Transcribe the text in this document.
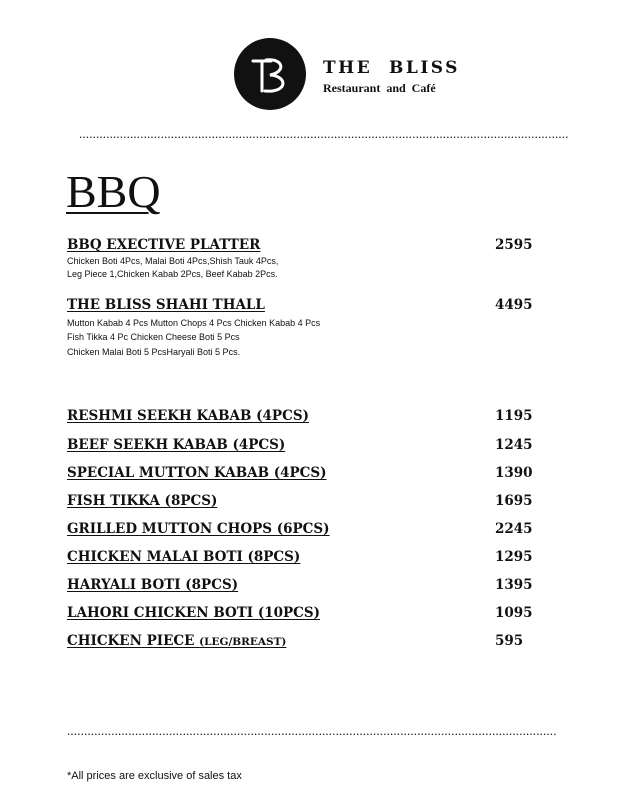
THE  BLISS
Restaurant  and  Café
................................................................................................................................................
BBQ
BBQ EXECTIVE PLATTER	2595
Chicken Boti 4Pcs, Malai Boti 4Pcs,Shish Tauk 4Pcs,
Leg Piece 1,Chicken Kabab 2Pcs, Beef Kabab 2Pcs.
THE BLISS SHAHI THALL	4495
Mutton Kabab 4 Pcs Mutton Chops 4 Pcs Chicken Kabab 4 Pcs
Fish Tikka 4 Pc Chicken Cheese Boti 5 Pcs
Chicken Malai Boti 5 PcsHaryali Boti 5 Pcs.
RESHMI SEEKH KABAB (4PCS)	1195
BEEF SEEKH KABAB (4PCS)	1245
SPECIAL MUTTON KABAB (4PCS)	1390
FISH TIKKA (8PCS)	1695
GRILLED MUTTON CHOPS (6PCS)	2245
CHICKEN MALAI BOTI (8PCS)	1295
HARYALI BOTI (8PCS)	1395
LAHORI CHICKEN BOTI (10PCS)	1095
CHICKEN PIECE (LEG/BREAST)	595
................................................................................................................................................
*All prices are exclusive of sales tax
